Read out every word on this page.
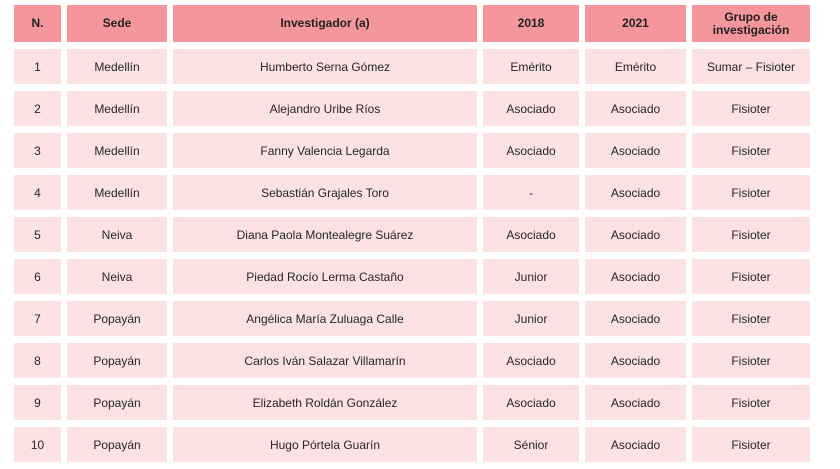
N.	Sede	Investigador (a)	2018	2021	Grupo de investigación
1	Medellín	Humberto Serna Gómez	Emérito	Emérito	Sumar – Fisioter
2	Medellín	Alejandro Uribe Ríos	Asociado	Asociado	Fisioter
3	Medellín	Fanny Valencia Legarda	Asociado	Asociado	Fisioter
4	Medellín	Sebastián Grajales Toro	-	Asociado	Fisioter
5	Neiva	Diana Paola Montealegre Suárez	Asociado	Asociado	Fisioter
6	Neiva	Piedad Rocío Lerma Castaño	Junior	Asociado	Fisioter
7	Popayán	Angélica María Zuluaga Calle	Junior	Asociado	Fisioter
8	Popayán	Carlos Iván Salazar Villamarín	Asociado	Asociado	Fisioter
9	Popayán	Elizabeth Roldán González	Asociado	Asociado	Fisioter
10	Popayán	Hugo Pórtela Guarín	Sénior	Asociado	Fisioter
